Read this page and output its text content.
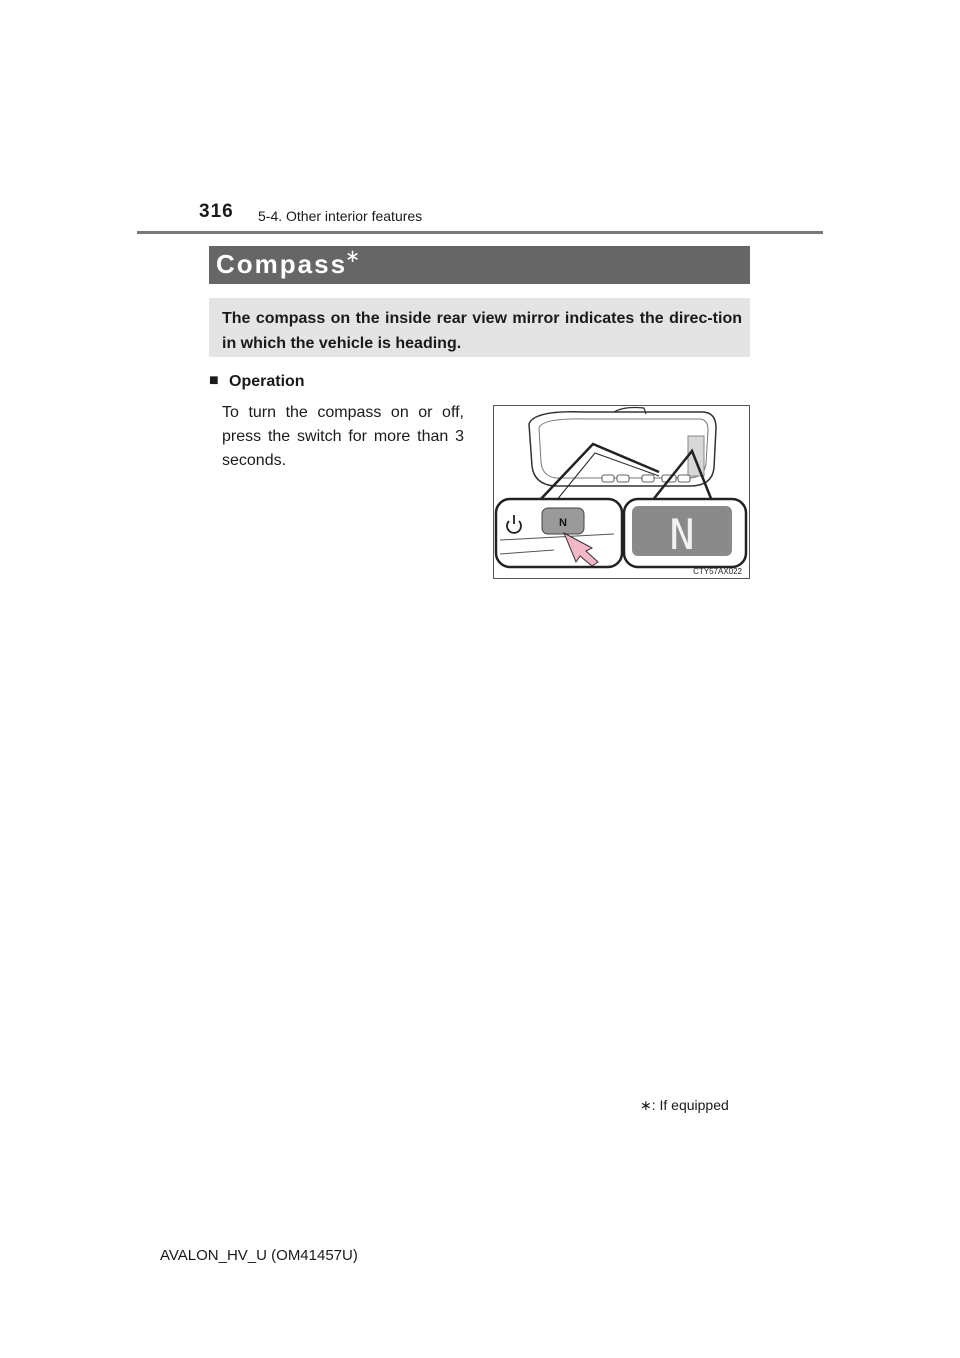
316 5-4. Other interior features
Compass
∗
The compass on the inside rear view mirror indicates the direc-tion in which the vehicle is heading.
■ Operation
To turn the compass on or off, press the switch for more than 3 seconds.
N N
CTY57AX022
∗: If equipped
AVALON_HV_U (OM41457U)
